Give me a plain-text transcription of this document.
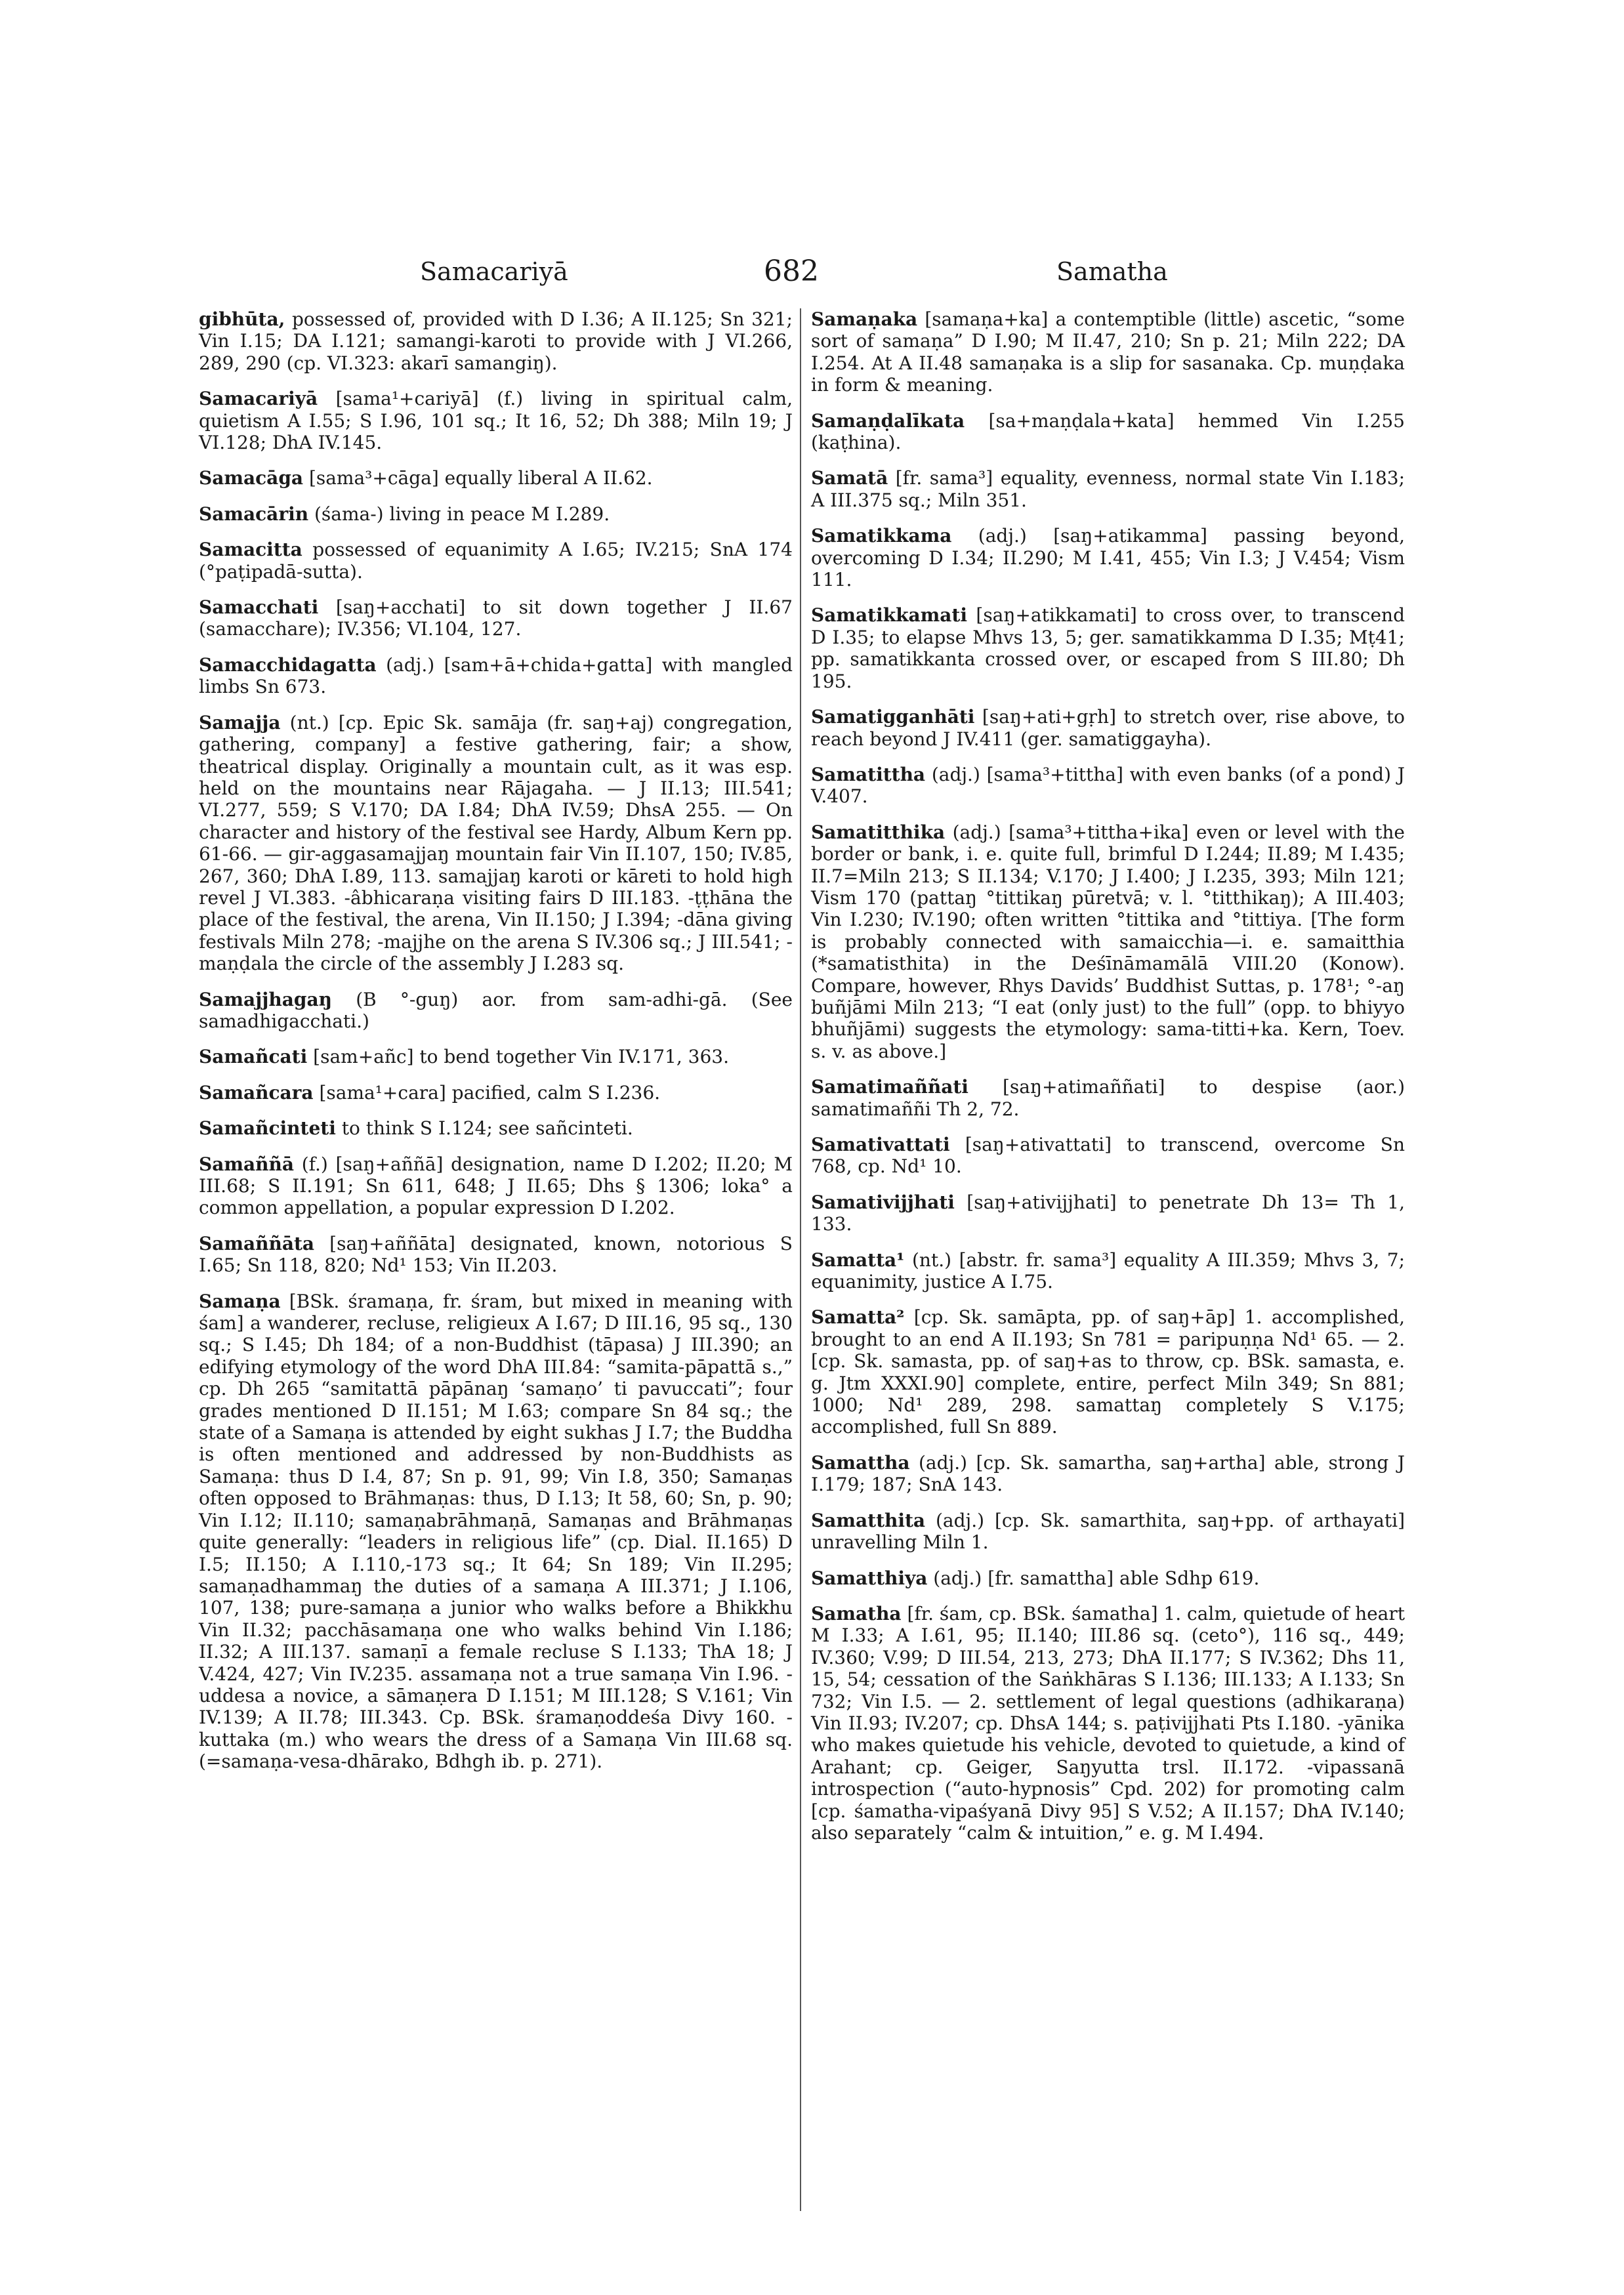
Samacariyā	682	Samatha

gibhūta, possessed of, provided with D I.36; A II.125; Sn 321; Vin I.15; DA I.121; samangi-karoti to provide with J VI.266, 289, 290 (cp. VI.323: akarī samangiŋ).

Samacariyā [sama¹+cariyā] (f.) living in spiritual calm, quietism A I.55; S I.96, 101 sq.; It 16, 52; Dh 388; Miln 19; J VI.128; DhA IV.145.

Samacāga [sama³+cāga] equally liberal A II.62.

Samacārin (śama-) living in peace M I.289.

Samacitta possessed of equanimity A I.65; IV.215; SnA 174 (°paṭipadā-sutta).

Samacchati [saŋ+acchati] to sit down together J II.67 (samacchare); IV.356; VI.104, 127.

Samacchidagatta (adj.) [sam+ā+chida+gatta] with mangled limbs Sn 673.

Samajja (nt.) [cp. Epic Sk. samāja (fr. saŋ+aj) congregation, gathering, company] a festive gathering, fair; a show, theatrical display. Originally a mountain cult, as it was esp. held on the mountains near Rājagaha. — J II.13; III.541; VI.277, 559; S V.170; DA I.84; DhA IV.59; DhsA 255. — On character and history of the festival see Hardy, Album Kern pp. 61-66. — gir-aggasamajjaŋ mountain fair Vin II.107, 150; IV.85, 267, 360; DhA I.89, 113. samajjaŋ karoti or kāreti to hold high revel J VI.383. -âbhicaraṇa visiting fairs D III.183. -ṭṭhāna the place of the festival, the arena, Vin II.150; J I.394; -dāna giving festivals Miln 278; -majjhe on the arena S IV.306 sq.; J III.541; -maṇḍala the circle of the assembly J I.283 sq.

Samajjhagaŋ (B °-guŋ) aor. from sam-adhi-gā. (See samadhigacchati.)

Samañcati [sam+añc] to bend together Vin IV.171, 363.

Samañcara [sama¹+cara] pacified, calm S I.236.

Samañcinteti to think S I.124; see sañcinteti.

Samaññā (f.) [saŋ+aññā] designation, name D I.202; II.20; M III.68; S II.191; Sn 611, 648; J II.65; Dhs § 1306; loka° a common appellation, a popular expression D I.202.

Samaññāta [saŋ+aññāta] designated, known, notorious S I.65; Sn 118, 820; Nd¹ 153; Vin II.203.

Samaṇa [BSk. śramaṇa, fr. śram, but mixed in meaning with śam] a wanderer, recluse, religieux A I.67; D III.16, 95 sq., 130 sq.; S I.45; Dh 184; of a non-Buddhist (tāpasa) J III.390; an edifying etymology of the word DhA III.84: “samita-pāpattā s.,” cp. Dh 265 “samitattā pāpānaŋ ‘samaṇo’ ti pavuccati”; four grades mentioned D II.151; M I.63; compare Sn 84 sq.; the state of a Samaṇa is attended by eight sukhas J I.7; the Buddha is often mentioned and addressed by non-Buddhists as Samaṇa: thus D I.4, 87; Sn p. 91, 99; Vin I.8, 350; Samaṇas often opposed to Brāhmaṇas: thus, D I.13; It 58, 60; Sn, p. 90; Vin I.12; II.110; samaṇabrāhmaṇā, Samaṇas and Brāhmaṇas quite generally: “leaders in religious life” (cp. Dial. II.165) D I.5; II.150; A I.110,-173 sq.; It 64; Sn 189; Vin II.295; samaṇadhammaŋ the duties of a samaṇa A III.371; J I.106, 107, 138; pure-samaṇa a junior who walks before a Bhikkhu Vin II.32; pacchāsamaṇa one who walks behind Vin I.186; II.32; A III.137. samaṇī a female recluse S I.133; ThA 18; J V.424, 427; Vin IV.235. assamaṇa not a true samaṇa Vin I.96. -uddesa a novice, a sāmaṇera D I.151; M III.128; S V.161; Vin IV.139; A II.78; III.343. Cp. BSk. śramaṇoddeśa Divy 160. -kuttaka (m.) who wears the dress of a Samaṇa Vin III.68 sq. (=samaṇa-vesa-dhārako, Bdhgh ib. p. 271).

Samaṇaka [samaṇa+ka] a contemptible (little) ascetic, “some sort of samaṇa” D I.90; M II.47, 210; Sn p. 21; Miln 222; DA I.254. At A II.48 samaṇaka is a slip for sasanaka. Cp. muṇḍaka in form & meaning.

Samaṇḍalīkata [sa+maṇḍala+kata] hemmed Vin I.255 (kaṭhina).

Samatā [fr. sama³] equality, evenness, normal state Vin I.183; A III.375 sq.; Miln 351.

Samatikkama (adj.) [saŋ+atikamma] passing beyond, overcoming D I.34; II.290; M I.41, 455; Vin I.3; J V.454; Vism 111.

Samatikkamati [saŋ+atikkamati] to cross over, to transcend D I.35; to elapse Mhvs 13, 5; ger. samatikkamma D I.35; Mṭ41; pp. samatikkanta crossed over, or escaped from S III.80; Dh 195.

Samatigganhāti [saŋ+ati+gṛh] to stretch over, rise above, to reach beyond J IV.411 (ger. samatiggayha).

Samatittha (adj.) [sama³+tittha] with even banks (of a pond) J V.407.

Samatitthika (adj.) [sama³+tittha+ika] even or level with the border or bank, i. e. quite full, brimful D I.244; II.89; M I.435; II.7=Miln 213; S II.134; V.170; J I.400; J I.235, 393; Miln 121; Vism 170 (pattaŋ °tittikaŋ pūretvā; v. l. °titthikaŋ); A III.403; Vin I.230; IV.190; often written °tittika and °tittiya. [The form is probably connected with samaicchia—i. e. samaitthia (*samatisthita) in the Deśīnāmamālā VIII.20 (Konow). Compare, however, Rhys Davids’ Buddhist Suttas, p. 178¹; °-aŋ buñjāmi Miln 213; “I eat (only just) to the full” (opp. to bhiyyo bhuñjāmi) suggests the etymology: sama-titti+ka. Kern, Toev. s. v. as above.]

Samatimaññati [saŋ+atimaññati] to despise (aor.) samatimaññi Th 2, 72.

Samativattati [saŋ+ativattati] to transcend, overcome Sn 768, cp. Nd¹ 10.

Samativijjhati [saŋ+ativijjhati] to penetrate Dh 13= Th 1, 133.

Samatta¹ (nt.) [abstr. fr. sama³] equality A III.359; Mhvs 3, 7; equanimity, justice A I.75.

Samatta² [cp. Sk. samāpta, pp. of saŋ+āp] 1. accomplished, brought to an end A II.193; Sn 781 = paripuṇṇa Nd¹ 65. — 2. [cp. Sk. samasta, pp. of saŋ+as to throw, cp. BSk. samasta, e. g. Jtm XXXI.90] complete, entire, perfect Miln 349; Sn 881; 1000; Nd¹ 289, 298. samattaŋ completely S V.175; accomplished, full Sn 889.

Samattha (adj.) [cp. Sk. samartha, saŋ+artha] able, strong J I.179; 187; SnA 143.

Samatthita (adj.) [cp. Sk. samarthita, saŋ+pp. of arthayati] unravelling Miln 1.

Samatthiya (adj.) [fr. samattha] able Sdhp 619.

Samatha [fr. śam, cp. BSk. śamatha] 1. calm, quietude of heart M I.33; A I.61, 95; II.140; III.86 sq. (ceto°), 116 sq., 449; IV.360; V.99; D III.54, 213, 273; DhA II.177; S IV.362; Dhs 11, 15, 54; cessation of the Saṅkhāras S I.136; III.133; A I.133; Sn 732; Vin I.5. — 2. settlement of legal questions (adhikaraṇa) Vin II.93; IV.207; cp. DhsA 144; s. paṭivijjhati Pts I.180. -yānika who makes quietude his vehicle, devoted to quietude, a kind of Arahant; cp. Geiger, Saŋyutta trsl. II.172. -vipassanā introspection (“auto-hypnosis” Cpd. 202) for promoting calm [cp. śamatha-vipaśyanā Divy 95] S V.52; A II.157; DhA IV.140; also separately “calm & intuition,” e. g. M I.494.
